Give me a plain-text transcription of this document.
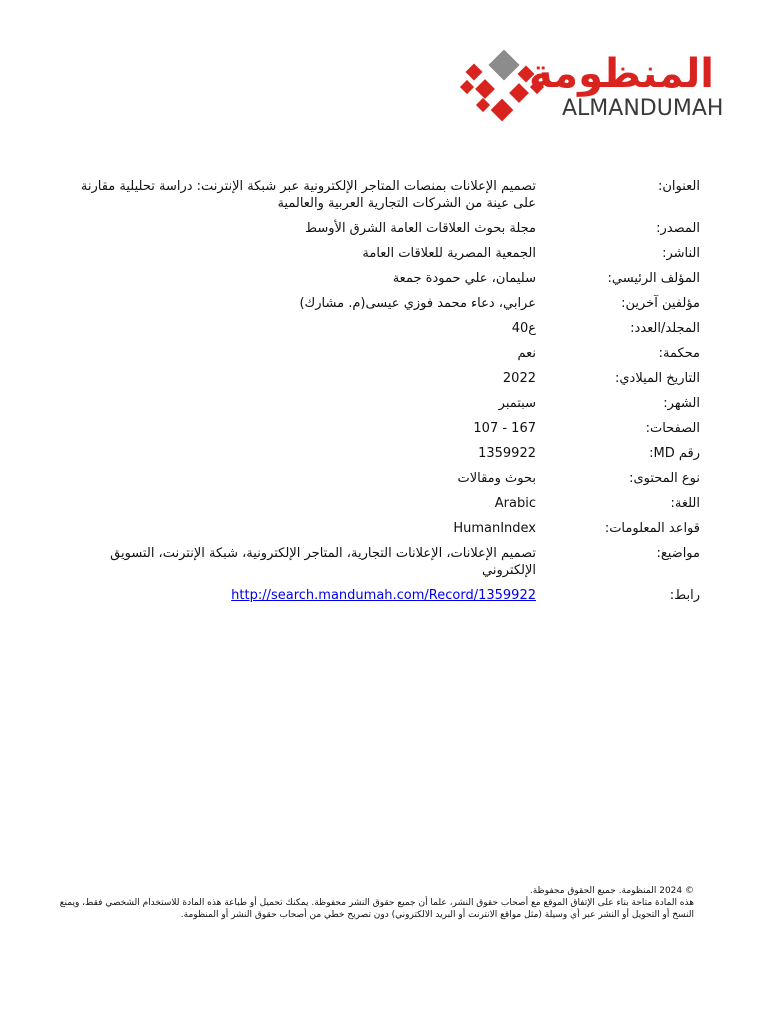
المنظومة
ALMANDUMAH
العنوان:
تصميم الإعلانات بمنصات المتاجر الإلكترونية عبر شبكة الإنترنت: دراسة تحليلية مقارنة على عينة من الشركات التجارية العربية والعالمية
المصدر:
مجلة بحوث العلاقات العامة الشرق الأوسط
الناشر:
الجمعية المصرية للعلاقات العامة
المؤلف الرئيسي:
سليمان، علي حمودة جمعة
مؤلفين آخرين:
عرابي، دعاء محمد فوزي عيسى(م. مشارك)
المجلد/العدد:
ع40
محكمة:
نعم
التاريخ الميلادي:
2022
الشهر:
سبتمبر
الصفحات:
107 - 167
رقم MD:
1359922
نوع المحتوى:
بحوث ومقالات
اللغة:
Arabic
قواعد المعلومات:
HumanIndex
مواضيع:
تصميم الإعلانات، الإعلانات التجارية، المتاجر الإلكترونية، شبكة الإنترنت، التسويق الإلكتروني
رابط:
http://search.mandumah.com/Record/1359922
© 2024 المنظومة. جميع الحقوق محفوظة.
هذه المادة متاحة بناء على الإتفاق الموقع مع أصحاب حقوق النشر، علما أن جميع حقوق النشر محفوظة. يمكنك تحميل أو طباعة هذه المادة للاستخدام الشخصي فقط، ويمنع النسخ أو التحويل أو النشر عبر أي وسيلة (مثل مواقع الانترنت أو البريد الالكتروني) دون تصريح خطي من أصحاب حقوق النشر أو المنظومة.
